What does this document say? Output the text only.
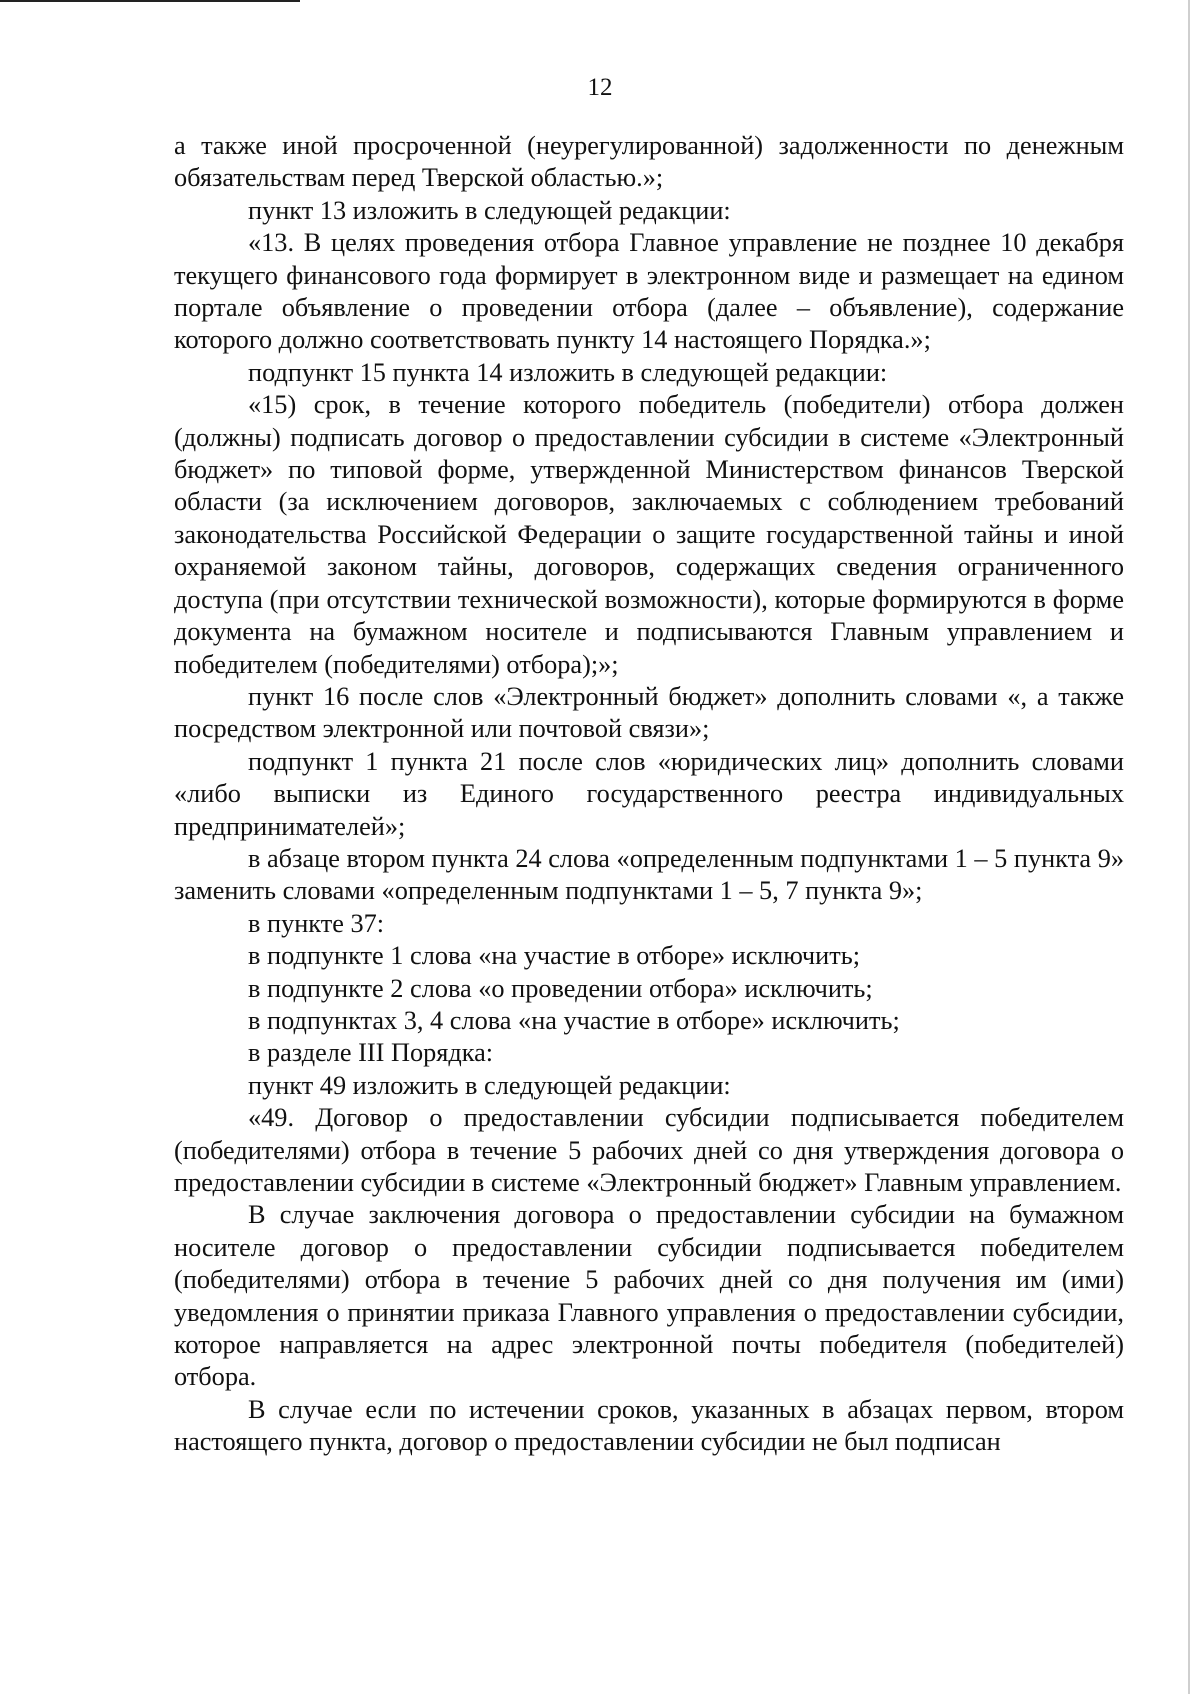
12

а также иной просроченной (неурегулированной) задолженности по денежным обязательствам перед Тверской областью.»;

пункт 13 изложить в следующей редакции:

«13. В целях проведения отбора Главное управление не позднее 10 декабря текущего финансового года формирует в электронном виде и размещает на едином портале объявление о проведении отбора (далее – объявление), содержание которого должно соответствовать пункту 14 настоящего Порядка.»;

подпункт 15 пункта 14 изложить в следующей редакции:

«15) срок, в течение которого победитель (победители) отбора должен (должны) подписать договор о предоставлении субсидии в системе «Электронный бюджет» по типовой форме, утвержденной Министерством финансов Тверской области (за исключением договоров, заключаемых с соблюдением требований законодательства Российской Федерации о защите государственной тайны и иной охраняемой законом тайны, договоров, содержащих сведения ограниченного доступа (при отсутствии технической возможности), которые формируются в форме документа на бумажном носителе и подписываются Главным управлением и победителем (победителями) отбора);»;

пункт 16 после слов «Электронный бюджет» дополнить словами «, а также посредством электронной или почтовой связи»;

подпункт 1 пункта 21 после слов «юридических лиц» дополнить словами «либо выписки из Единого государственного реестра индивидуальных предпринимателей»;

в абзаце втором пункта 24 слова «определенным подпунктами 1 – 5 пункта 9» заменить словами «определенным подпунктами 1 – 5, 7 пункта 9»;

в пункте 37:

в подпункте 1 слова «на участие в отборе» исключить;

в подпункте 2 слова «о проведении отбора» исключить;

в подпунктах 3, 4 слова «на участие в отборе» исключить;

в разделе III Порядка:

пункт 49 изложить в следующей редакции:

«49. Договор о предоставлении субсидии подписывается победителем (победителями) отбора в течение 5 рабочих дней со дня утверждения договора о предоставлении субсидии в системе «Электронный бюджет» Главным управлением.

В случае заключения договора о предоставлении субсидии на бумажном носителе договор о предоставлении субсидии подписывается победителем (победителями) отбора в течение 5 рабочих дней со дня получения им (ими) уведомления о принятии приказа Главного управления о предоставлении субсидии, которое направляется на адрес электронной почты победителя (победителей) отбора.

В случае если по истечении сроков, указанных в абзацах первом, втором настоящего пункта, договор о предоставлении субсидии не был подписан
